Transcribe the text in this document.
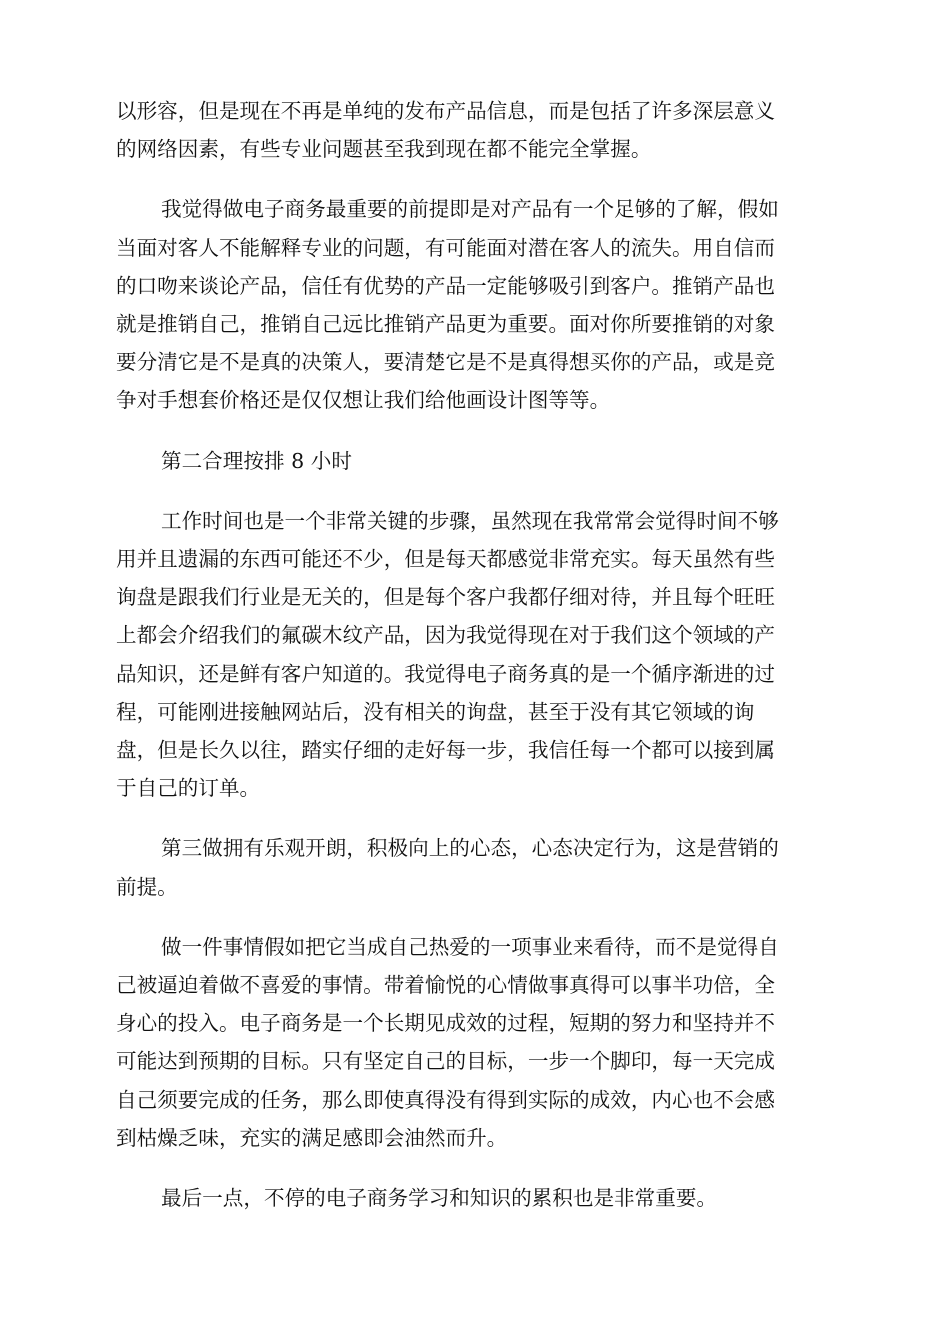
以形容，但是现在不再是单纯的发布产品信息，而是包括了许多深层意义
的网络因素，有些专业问题甚至我到现在都不能完全掌握。

我觉得做电子商务最重要的前提即是对产品有一个足够的了解，假如
当面对客人不能解释专业的问题，有可能面对潜在客人的流失。用自信而
的口吻来谈论产品，信任有优势的产品一定能够吸引到客户。推销产品也
就是推销自己，推销自己远比推销产品更为重要。面对你所要推销的对象
要分清它是不是真的决策人，要清楚它是不是真得想买你的产品，或是竞
争对手想套价格还是仅仅想让我们给他画设计图等等。

第二合理按排 8 小时

工作时间也是一个非常关键的步骤，虽然现在我常常会觉得时间不够
用并且遗漏的东西可能还不少，但是每天都感觉非常充实。每天虽然有些
询盘是跟我们行业是无关的，但是每个客户我都仔细对待，并且每个旺旺
上都会介绍我们的氟碳木纹产品，因为我觉得现在对于我们这个领域的产
品知识，还是鲜有客户知道的。我觉得电子商务真的是一个循序渐进的过
程，可能刚进接触网站后，没有相关的询盘，甚至于没有其它领域的询
盘，但是长久以往，踏实仔细的走好每一步，我信任每一个都可以接到属
于自己的订单。

第三做拥有乐观开朗，积极向上的心态，心态决定行为，这是营销的
前提。

做一件事情假如把它当成自己热爱的一项事业来看待，而不是觉得自
己被逼迫着做不喜爱的事情。带着愉悦的心情做事真得可以事半功倍，全
身心的投入。电子商务是一个长期见成效的过程，短期的努力和坚持并不
可能达到预期的目标。只有坚定自己的目标，一步一个脚印，每一天完成
自己须要完成的任务，那么即使真得没有得到实际的成效，内心也不会感
到枯燥乏味，充实的满足感即会油然而升。

最后一点，不停的电子商务学习和知识的累积也是非常重要。
